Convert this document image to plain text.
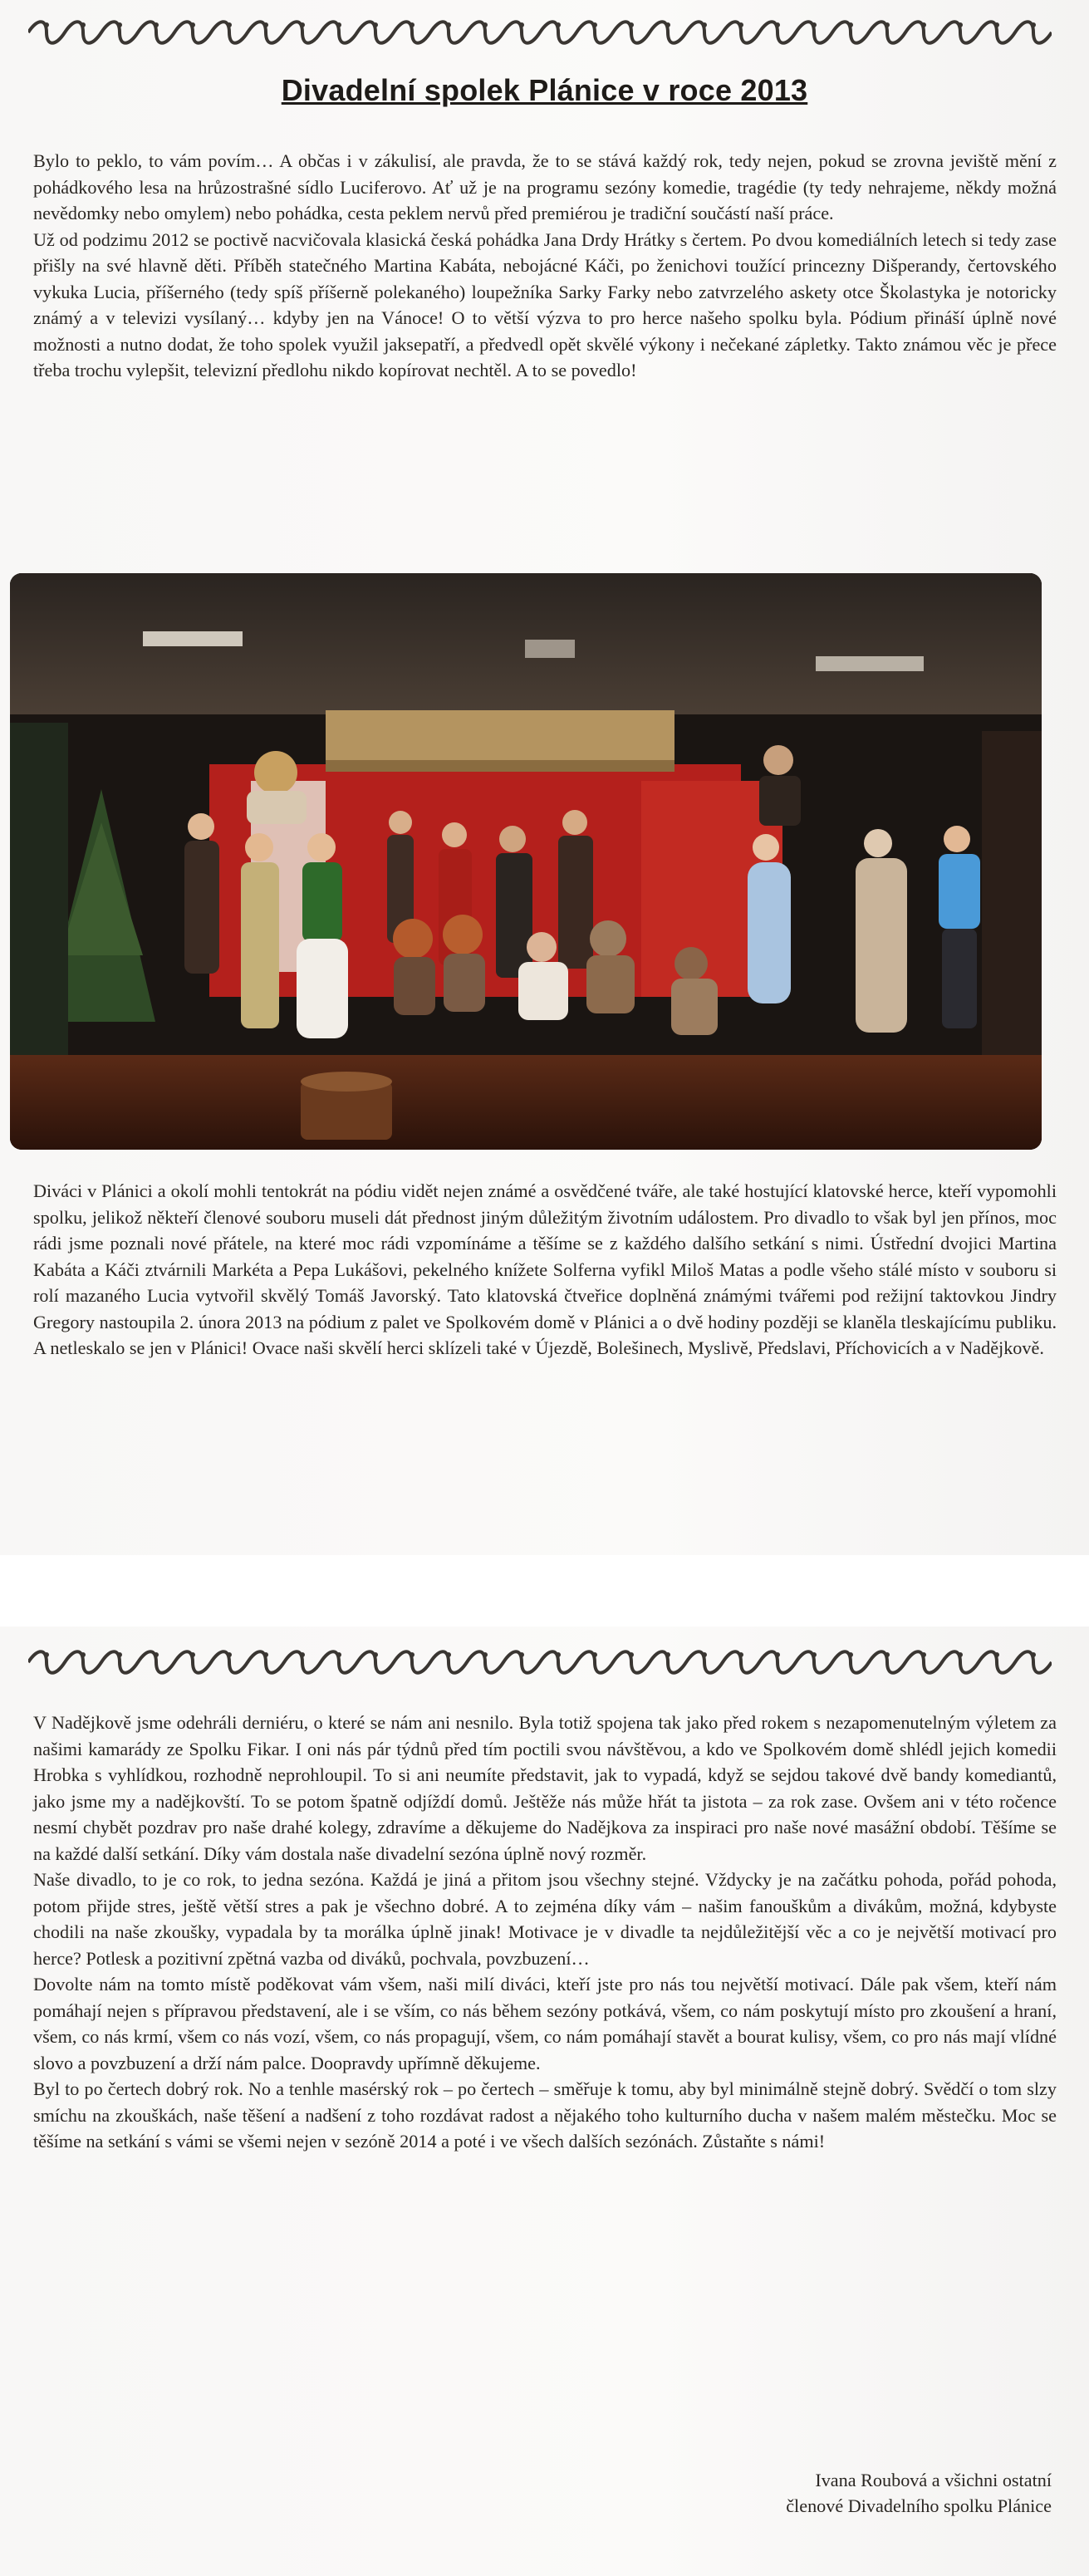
Divadelní spolek Plánice v roce 2013

Bylo to peklo, to vám povím… A občas i v zákulisí, ale pravda, že to se stává každý rok, tedy nejen, pokud se zrovna jeviště mění z pohádkového lesa na hrůzostrašné sídlo Luciferovo. Ať už je na programu sezóny komedie, tragédie (ty tedy nehrajeme, někdy možná nevědomky nebo omylem) nebo pohádka, cesta peklem nervů před premiérou je tradiční součástí naší práce.

Už od podzimu 2012 se poctivě nacvičovala klasická česká pohádka Jana Drdy Hrátky s čertem. Po dvou komediálních letech si tedy zase přišly na své hlavně děti. Příběh statečného Martina Kabáta, nebojácné Káči, po ženichovi toužící princezny Dišperandy, čertovského vykuka Lucia, příšerného (tedy spíš příšerně polekaného) loupežníka Sarky Farky nebo zatvrzelého askety otce Školastyka je notoricky známý a v televizi vysílaný… kdyby jen na Vánoce! O to větší výzva to pro herce našeho spolku byla. Pódium přináší úplně nové možnosti a nutno dodat, že toho spolek využil jaksepatří, a předvedl opět skvělé výkony i nečekané zápletky. Takto známou věc je přece třeba trochu vylepšit, televizní předlohu nikdo kopírovat nechtěl. A to se povedlo!

Diváci v Plánici a okolí mohli tentokrát na pódiu vidět nejen známé a osvědčené tváře, ale také hostující klatovské herce, kteří vypomohli spolku, jelikož někteří členové souboru museli dát přednost jiným důležitým životním událostem. Pro divadlo to však byl jen přínos, moc rádi jsme poznali nové přátele, na které moc rádi vzpomínáme a těšíme se z každého dalšího setkání s nimi. Ústřední dvojici Martina Kabáta a Káči ztvárnili Markéta a Pepa Lukášovi, pekelného knížete Solferna vyfikl Miloš Matas a podle všeho stálé místo v souboru si rolí mazaného Lucia vytvořil skvělý Tomáš Javorský. Tato klatovská čtveřice doplněná známými tvářemi pod režijní taktovkou Jindry Gregory nastoupila 2. února 2013 na pódium z palet ve Spolkovém domě v Plánici a o dvě hodiny později se klaněla tleskajícímu publiku. A netleskalo se jen v Plánici! Ovace naši skvělí herci sklízeli také v Újezdě, Bolešinech, Myslivě, Předslavi, Příchovicích a v Nadějkově.

V Nadějkově jsme odehráli derniéru, o které se nám ani nesnilo. Byla totiž spojena tak jako před rokem s nezapomenutelným výletem za našimi kamarády ze Spolku Fikar. I oni nás pár týdnů před tím poctili svou návštěvou, a kdo ve Spolkovém domě shlédl jejich komedii Hrobka s vyhlídkou, rozhodně neprohloupil. To si ani neumíte představit, jak to vypadá, když se sejdou takové dvě bandy komediantů, jako jsme my a nadějkovští. To se potom špatně odjíždí domů. Ještěže nás může hřát ta jistota – za rok zase. Ovšem ani v této ročence nesmí chybět pozdrav pro naše drahé kolegy, zdravíme a děkujeme do Nadějkova za inspiraci pro naše nové masážní období. Těšíme se na každé další setkání. Díky vám dostala naše divadelní sezóna úplně nový rozměr.

Naše divadlo, to je co rok, to jedna sezóna. Každá je jiná a přitom jsou všechny stejné. Vždycky je na začátku pohoda, pořád pohoda, potom přijde stres, ještě větší stres a pak je všechno dobré. A to zejména díky vám – našim fanouškům a divákům, možná, kdybyste chodili na naše zkoušky, vypadala by ta morálka úplně jinak! Motivace je v divadle ta nejdůležitější věc a co je největší motivací pro herce? Potlesk a pozitivní zpětná vazba od diváků, pochvala, povzbuzení…

Dovolte nám na tomto místě poděkovat vám všem, naši milí diváci, kteří jste pro nás tou největší motivací. Dále pak všem, kteří nám pomáhají nejen s přípravou představení, ale i se vším, co nás během sezóny potkává, všem, co nám poskytují místo pro zkoušení a hraní, všem, co nás krmí, všem co nás vozí, všem, co nás propagují, všem, co nám pomáhají stavět a bourat kulisy, všem, co pro nás mají vlídné slovo a povzbuzení a drží nám palce. Doopravdy upřímně děkujeme.

Byl to po čertech dobrý rok. No a tenhle masérský rok – po čertech – směřuje k tomu, aby byl minimálně stejně dobrý. Svědčí o tom slzy smíchu na zkouškách, naše těšení a nadšení z toho rozdávat radost a nějakého toho kulturního ducha v našem malém městečku. Moc se těšíme na setkání s vámi se všemi nejen v sezóně 2014 a poté i ve všech dalších sezónách. Zůstaňte s námi!

Ivana Roubová a všichni ostatní
členové Divadelního spolku Plánice
